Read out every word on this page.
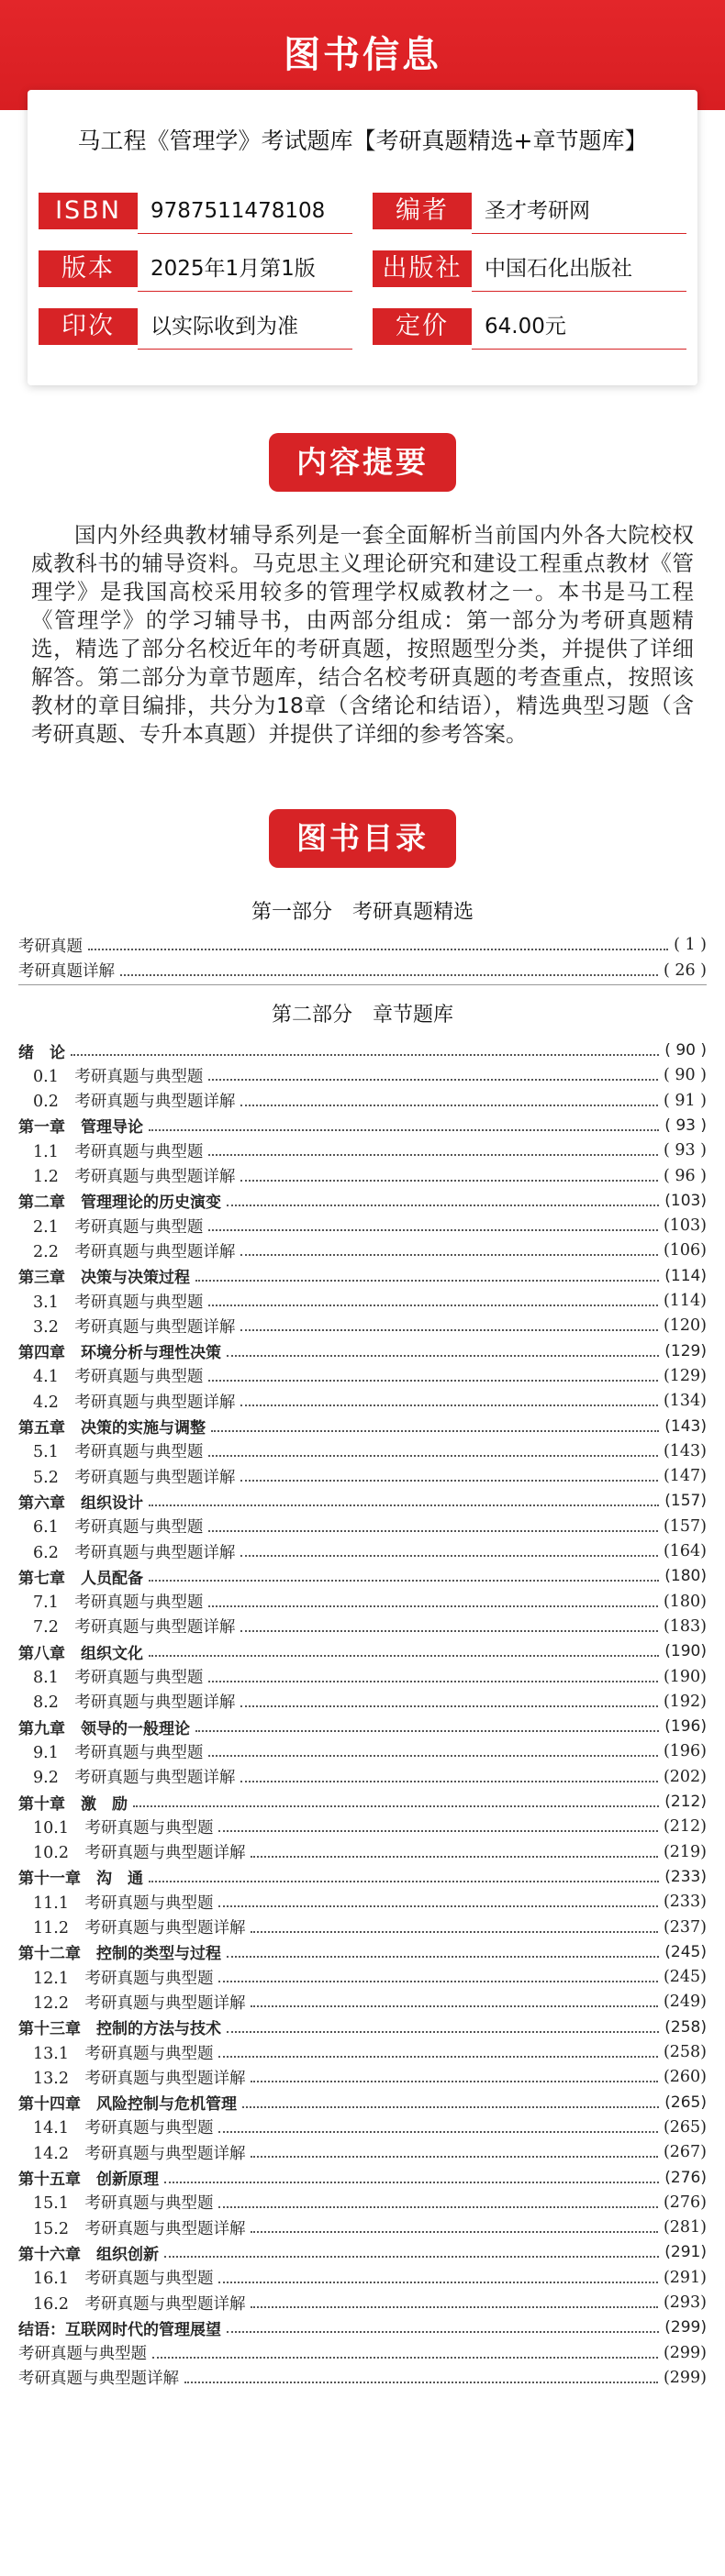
图书信息
马工程《管理学》考试题库【考研真题精选+章节题库】
ISBN	9787511478108	编者	圣才考研网
版本	2025年1月第1版	出版社	中国石化出版社
印次	以实际收到为准	定价	64.00元
内容提要
国内外经典教材辅导系列是一套全面解析当前国内外各大院校权威教科书的辅导资料。马克思主义理论研究和建设工程重点教材《管理学》是我国高校采用较多的管理学权威教材之一。本书是马工程《管理学》的学习辅导书，由两部分组成：第一部分为考研真题精选，精选了部分名校近年的考研真题，按照题型分类，并提供了详细解答。第二部分为章节题库，结合名校考研真题的考查重点，按照该教材的章目编排，共分为18章（含绪论和结语），精选典型习题（含考研真题、专升本真题）并提供了详细的参考答案。
图书目录
第一部分　考研真题精选
考研真题	( 1 )
考研真题详解	( 26 )
第二部分　章节题库
绪　论	( 90 )
0.1　考研真题与典型题	( 90 )
0.2　考研真题与典型题详解	( 91 )
第一章　管理导论	( 93 )
1.1　考研真题与典型题	( 93 )
1.2　考研真题与典型题详解	( 96 )
第二章　管理理论的历史演变	(103)
2.1　考研真题与典型题	(103)
2.2　考研真题与典型题详解	(106)
第三章　决策与决策过程	(114)
3.1　考研真题与典型题	(114)
3.2　考研真题与典型题详解	(120)
第四章　环境分析与理性决策	(129)
4.1　考研真题与典型题	(129)
4.2　考研真题与典型题详解	(134)
第五章　决策的实施与调整	(143)
5.1　考研真题与典型题	(143)
5.2　考研真题与典型题详解	(147)
第六章　组织设计	(157)
6.1　考研真题与典型题	(157)
6.2　考研真题与典型题详解	(164)
第七章　人员配备	(180)
7.1　考研真题与典型题	(180)
7.2　考研真题与典型题详解	(183)
第八章　组织文化	(190)
8.1　考研真题与典型题	(190)
8.2　考研真题与典型题详解	(192)
第九章　领导的一般理论	(196)
9.1　考研真题与典型题	(196)
9.2　考研真题与典型题详解	(202)
第十章　激　励	(212)
10.1　考研真题与典型题	(212)
10.2　考研真题与典型题详解	(219)
第十一章　沟　通	(233)
11.1　考研真题与典型题	(233)
11.2　考研真题与典型题详解	(237)
第十二章　控制的类型与过程	(245)
12.1　考研真题与典型题	(245)
12.2　考研真题与典型题详解	(249)
第十三章　控制的方法与技术	(258)
13.1　考研真题与典型题	(258)
13.2　考研真题与典型题详解	(260)
第十四章　风险控制与危机管理	(265)
14.1　考研真题与典型题	(265)
14.2　考研真题与典型题详解	(267)
第十五章　创新原理	(276)
15.1　考研真题与典型题	(276)
15.2　考研真题与典型题详解	(281)
第十六章　组织创新	(291)
16.1　考研真题与典型题	(291)
16.2　考研真题与典型题详解	(293)
结语：互联网时代的管理展望	(299)
考研真题与典型题	(299)
考研真题与典型题详解	(299)
